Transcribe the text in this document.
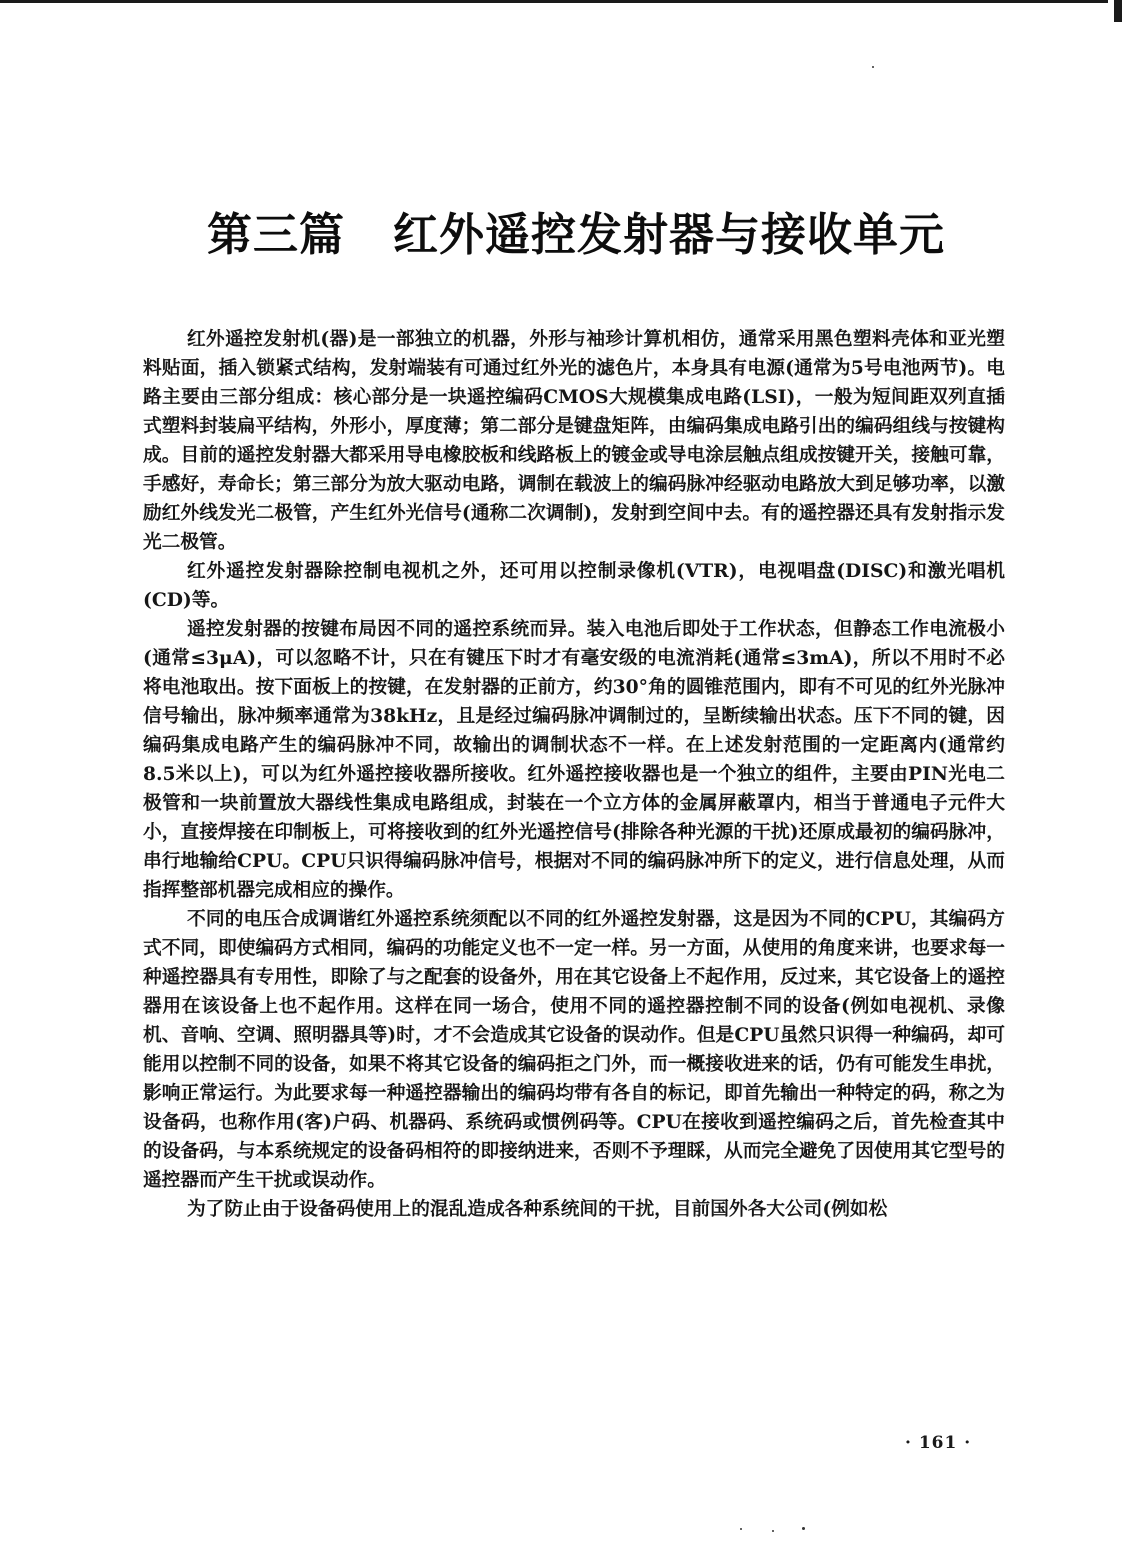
第三篇 红外遥控发射器与接收单元

红外遥控发射机(器)是一部独立的机器，外形与袖珍计算机相仿，通常采用黑色塑料壳体和亚光塑料贴面，插入锁紧式结构，发射端装有可通过红外光的滤色片，本身具有电源(通常为5号电池两节)。电路主要由三部分组成：核心部分是一块遥控编码CMOS大规模集成电路(LSI)，一般为短间距双列直插式塑料封装扁平结构，外形小，厚度薄；第二部分是键盘矩阵，由编码集成电路引出的编码组线与按键构成。目前的遥控发射器大都采用导电橡胶板和线路板上的镀金或导电涂层触点组成按键开关，接触可靠，手感好，寿命长；第三部分为放大驱动电路，调制在载波上的编码脉冲经驱动电路放大到足够功率，以激励红外线发光二极管，产生红外光信号(通称二次调制)，发射到空间中去。有的遥控器还具有发射指示发光二极管。

红外遥控发射器除控制电视机之外，还可用以控制录像机(VTR)，电视唱盘(DISC)和激光唱机(CD)等。

遥控发射器的按键布局因不同的遥控系统而异。装入电池后即处于工作状态，但静态工作电流极小(通常≤3μA)，可以忽略不计，只在有键压下时才有毫安级的电流消耗(通常≤3mA)，所以不用时不必将电池取出。按下面板上的按键，在发射器的正前方，约30°角的圆锥范围内，即有不可见的红外光脉冲信号输出，脉冲频率通常为38kHz，且是经过编码脉冲调制过的，呈断续输出状态。压下不同的键，因编码集成电路产生的编码脉冲不同，故输出的调制状态不一样。在上述发射范围的一定距离内(通常约8.5米以上)，可以为红外遥控接收器所接收。红外遥控接收器也是一个独立的组件，主要由PIN光电二极管和一块前置放大器线性集成电路组成，封装在一个立方体的金属屏蔽罩内，相当于普通电子元件大小，直接焊接在印制板上，可将接收到的红外光遥控信号(排除各种光源的干扰)还原成最初的编码脉冲，串行地输给CPU。CPU只识得编码脉冲信号，根据对不同的编码脉冲所下的定义，进行信息处理，从而指挥整部机器完成相应的操作。

不同的电压合成调谐红外遥控系统须配以不同的红外遥控发射器，这是因为不同的CPU，其编码方式不同，即使编码方式相同，编码的功能定义也不一定一样。另一方面，从使用的角度来讲，也要求每一种遥控器具有专用性，即除了与之配套的设备外，用在其它设备上不起作用，反过来，其它设备上的遥控器用在该设备上也不起作用。这样在同一场合，使用不同的遥控器控制不同的设备(例如电视机、录像机、音响、空调、照明器具等)时，才不会造成其它设备的误动作。但是CPU虽然只识得一种编码，却可能用以控制不同的设备，如果不将其它设备的编码拒之门外，而一概接收进来的话，仍有可能发生串扰，影响正常运行。为此要求每一种遥控器输出的编码均带有各自的标记，即首先输出一种特定的码，称之为设备码，也称作用(客)户码、机器码、系统码或惯例码等。CPU在接收到遥控编码之后，首先检查其中的设备码，与本系统规定的设备码相符的即接纳进来，否则不予理睬，从而完全避免了因使用其它型号的遥控器而产生干扰或误动作。

为了防止由于设备码使用上的混乱造成各种系统间的干扰，目前国外各大公司(例如松

· 161 ·
